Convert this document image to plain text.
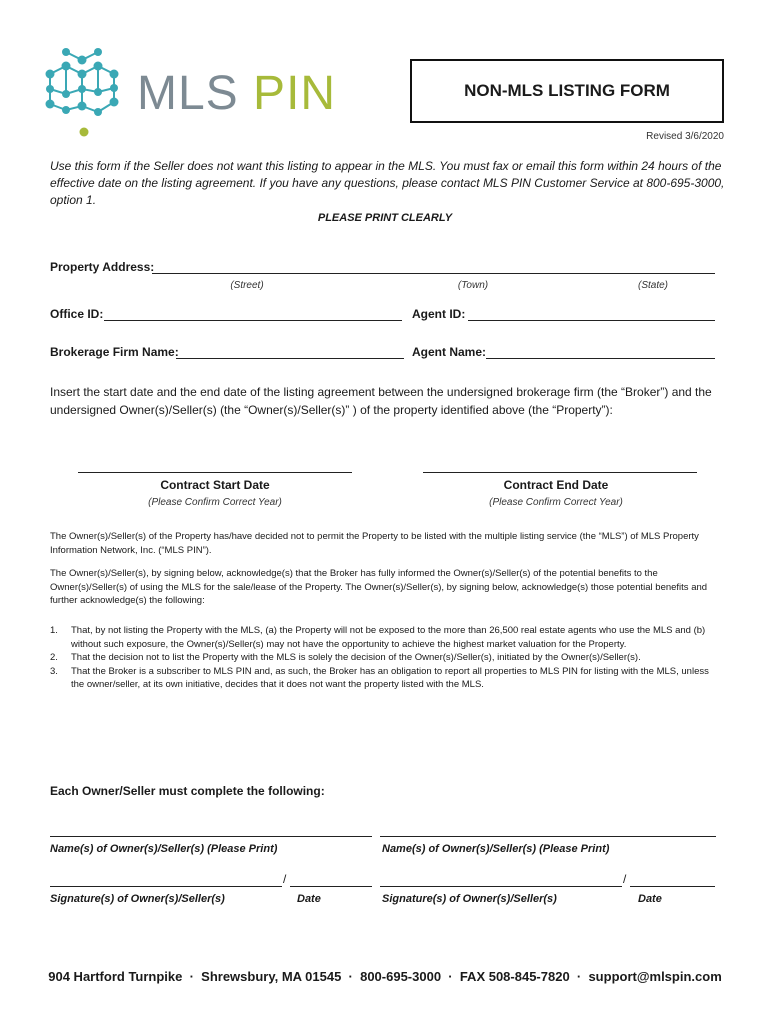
MLS PIN	NON-MLS LISTING FORM
Revised 3/6/2020
Use this form if the Seller does not want this listing to appear in the MLS. You must fax or email this form within 24 hours of the effective date on the listing agreement. If you have any questions, please contact MLS PIN Customer Service at 800-695-3000, option 1.
PLEASE PRINT CLEARLY
Property Address:
(Street)	(Town)	(State)
Office ID:	Agent ID:
Brokerage Firm Name:	Agent Name:
Insert the start date and the end date of the listing agreement between the undersigned brokerage firm (the “Broker”) and the undersigned Owner(s)/Seller(s) (the “Owner(s)/Seller(s)” ) of the property identified above (the “Property”):
Contract Start Date
(Please Confirm Correct Year)
Contract End Date
(Please Confirm Correct Year)
The Owner(s)/Seller(s) of the Property has/have decided not to permit the Property to be listed with the multiple listing service (the “MLS”) of MLS Property Information Network, Inc. (“MLS PIN”).
The Owner(s)/Seller(s), by signing below, acknowledge(s) that the Broker has fully informed the Owner(s)/Seller(s) of the potential benefits to the Owner(s)/Seller(s) of using the MLS for the sale/lease of the Property. The Owner(s)/Seller(s), by signing below, acknowledge(s) those potential benefits and further acknowledge(s) the following:
1. That, by not listing the Property with the MLS, (a) the Property will not be exposed to the more than 26,500 real estate agents who use the MLS and (b) without such exposure, the Owner(s)/Seller(s) may not have the opportunity to achieve the highest market valuation for the Property.
2. That the decision not to list the Property with the MLS is solely the decision of the Owner(s)/Seller(s), initiated by the Owner(s)/Seller(s).
3. That the Broker is a subscriber to MLS PIN and, as such, the Broker has an obligation to report all properties to MLS PIN for listing with the MLS, unless the owner/seller, at its own initiative, decides that it does not want the property listed with the MLS.
Each Owner/Seller must complete the following:
Name(s) of Owner(s)/Seller(s) (Please Print)	Name(s) of Owner(s)/Seller(s) (Please Print)
/	/
Signature(s) of Owner(s)/Seller(s)	Date	Signature(s) of Owner(s)/Seller(s)	Date
904 Hartford Turnpike  ·  Shrewsbury, MA 01545  ·  800-695-3000  ·  FAX 508-845-7820  ·  support@mlspin.com
